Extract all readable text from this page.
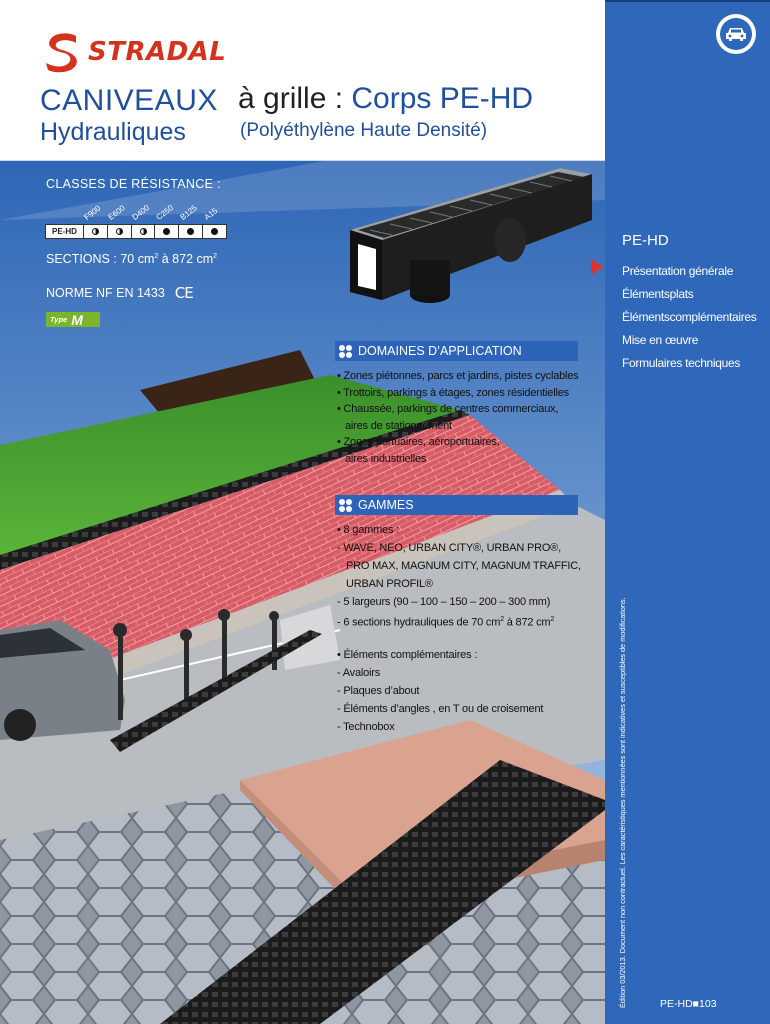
STRADAL
CANIVEAUX
Hydrauliques
à grille : Corps PE-HD
(Polyéthylène Haute Densité)
CLASSES DE RÉSISTANCE :
F900 E600 D400 C250 B125 A15
PE-HD
SECTIONS : 70 $cm^2$ à 872 $cm^2$
NORME NF EN 1433 CE
Type M
DOMAINES D’APPLICATION
• Zones piétonnes, parcs et jardins, pistes cyclables
• Trottoirs, parkings à étages, zones résidentielles
• Chaussée, parkings de centres commerciaux,
aires de stationnement
• Zones portuaires, aéroportuaires,
aires industrielles
GAMMES
• 8 gammes :
- WAVE, NEO, URBAN CITY®, URBAN PRO®,
PRO MAX, MAGNUM CITY, MAGNUM TRAFFIC,
URBAN PROFIL®
- 5 largeurs (90 – 100 – 150 – 200 – 300 mm)
- 6 sections hydrauliques de 70 $cm^2$ à 872 $cm^2$
• Éléments complémentaires :
- Avaloirs
- Plaques d’about
- Éléments d’angles , en T ou de croisement
- Technobox
PE-HD
Présentation générale
Élémentsplats
Élémentscomplémentaires
Mise en œuvre
Formulaires techniques
Édition 03/2013. Document non contractuel. Les caractéristiques mentionnées sont indicatives et susceptibles de modifications.	PE-HD■103
